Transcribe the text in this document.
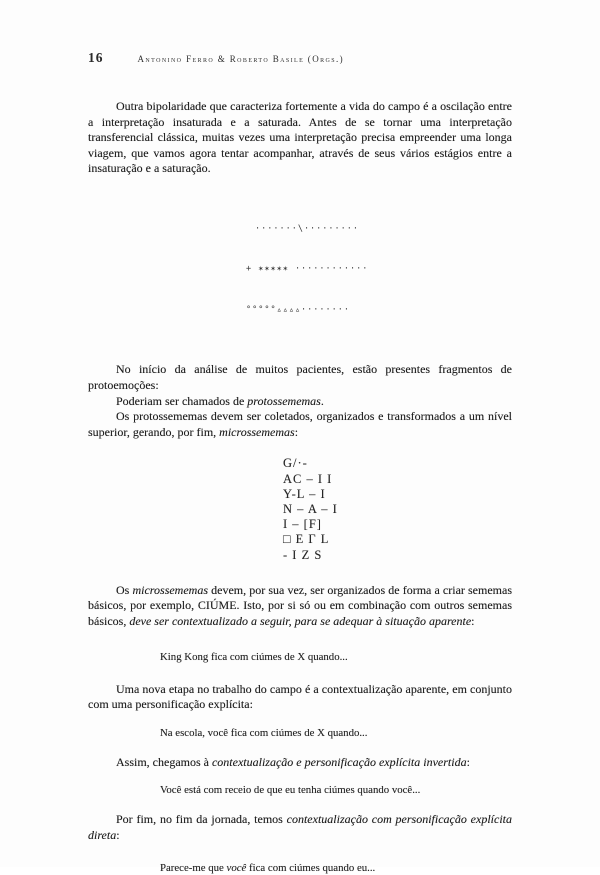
16	Antonino Ferro & Roberto Basile (Orgs.)

Outra bipolaridade que caracteriza fortemente a vida do campo é a oscilação entre a interpretação insaturada e a saturada. Antes de se tornar uma interpretação transferencial clássica, muitas vezes uma interpretação precisa empreender uma longa viagem, que vamos agora tentar acompanhar, através de seus vários estágios entre a insaturação e a saturação.

·······\·········

+ ✶✶✶✶✶ ············

°°°°°▵▵▵▵········

No início da análise de muitos pacientes, estão presentes fragmentos de protoemoções:

Poderiam ser chamados de protossememas.

Os protossememas devem ser coletados, organizados e transformados a um nível superior, gerando, por fim, microssememas:

G/·-
AC – I I
Y-L – I
N – A – I
I – [F]
□ E Γ L
- I Z S

Os microssememas devem, por sua vez, ser organizados de forma a criar sememas básicos, por exemplo, CIÚME. Isto, por si só ou em combinação com outros sememas básicos, deve ser contextualizado a seguir, para se adequar à situação aparente:

King Kong fica com ciúmes de X quando...

Uma nova etapa no trabalho do campo é a contextualização aparente, em conjunto com uma personificação explícita:

Na escola, você fica com ciúmes de X quando...

Assim, chegamos à contextualização e personificação explícita invertida:

Você está com receio de que eu tenha ciúmes quando você...

Por fim, no fim da jornada, temos contextualização com personificação explícita direta:

Parece-me que você fica com ciúmes quando eu...
